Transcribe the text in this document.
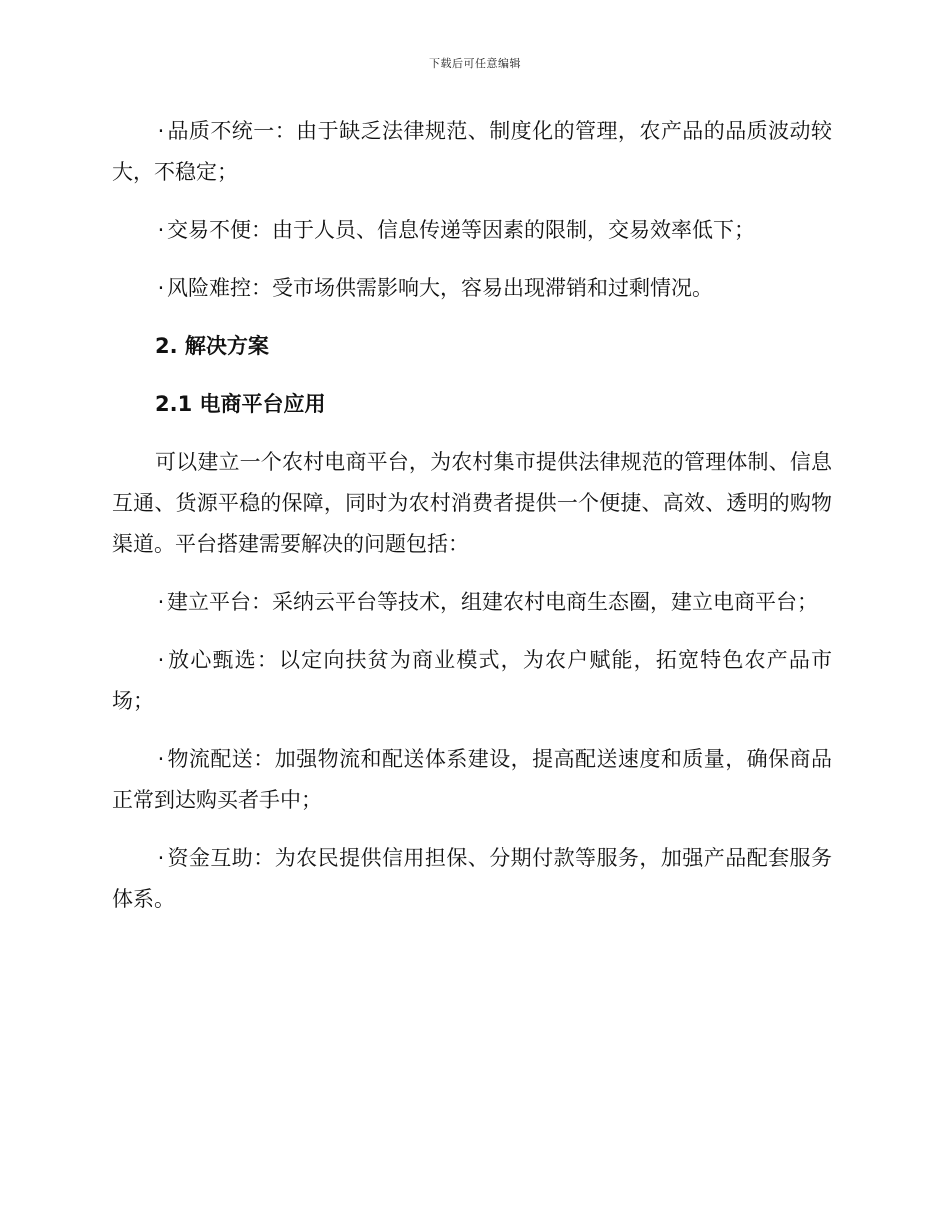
下载后可任意编辑

· 品质不统一：由于缺乏法律规范、制度化的管理，农产品的品质波动较大，不稳定；

· 交易不便：由于人员、信息传递等因素的限制，交易效率低下；

· 风险难控：受市场供需影响大，容易出现滞销和过剩情况。

2. 解决方案
2.1 电商平台应用

可以建立一个农村电商平台，为农村集市提供法律规范的管理体制、信息互通、货源平稳的保障，同时为农村消费者提供一个便捷、高效、透明的购物渠道。平台搭建需要解决的问题包括：

· 建立平台：采纳云平台等技术，组建农村电商生态圈，建立电商平台；

· 放心甄选：以定向扶贫为商业模式，为农户赋能，拓宽特色农产品市场；

· 物流配送：加强物流和配送体系建设，提高配送速度和质量，确保商品正常到达购买者手中；

· 资金互助：为农民提供信用担保、分期付款等服务，加强产品配套服务体系。
